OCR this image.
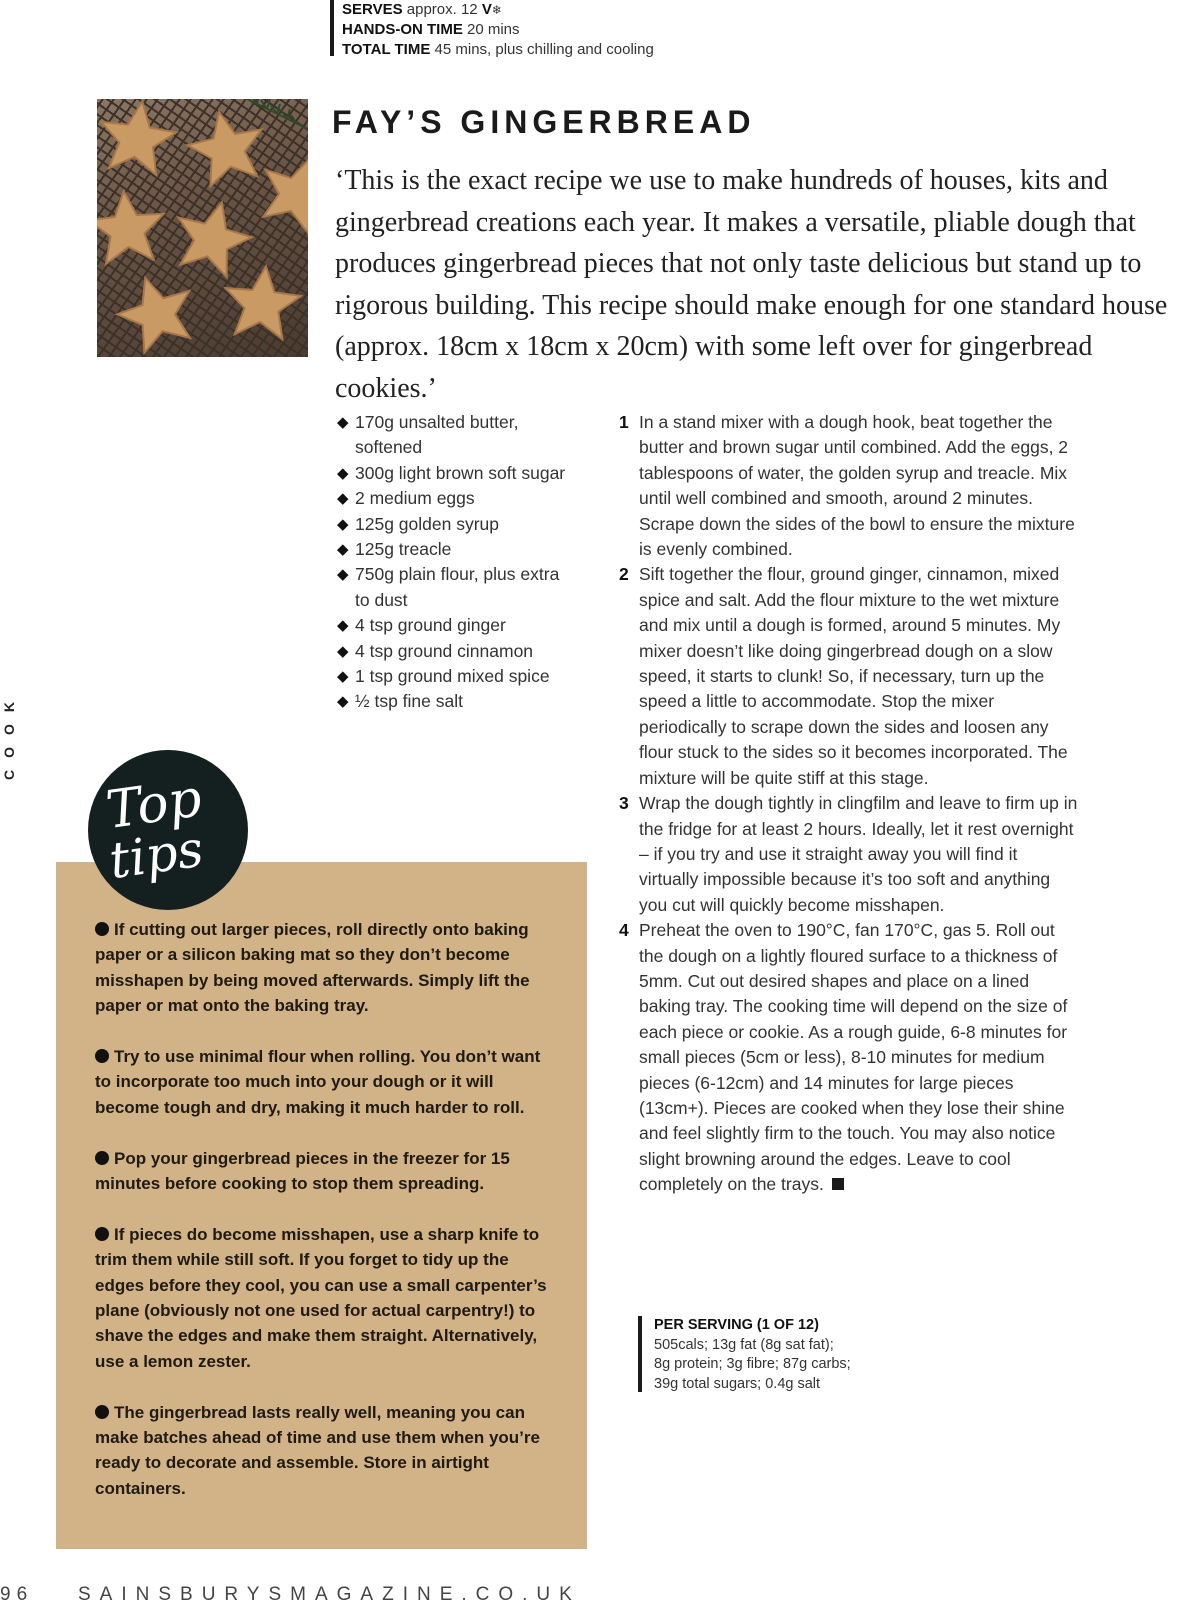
SERVES approx. 12 V❄
HANDS-ON TIME 20 mins
TOTAL TIME 45 mins, plus chilling and cooling
FAY’S GINGERBREAD

‘This is the exact recipe we use to make hundreds of houses, kits and gingerbread creations each year. It makes a versatile, pliable dough that produces gingerbread pieces that not only taste delicious but stand up to rigorous building. This recipe should make enough for one standard house (approx. 18cm x 18cm x 20cm) with some left over for gingerbread cookies.’

◆ 170g unsalted butter, softened
◆ 300g light brown soft sugar
◆ 2 medium eggs
◆ 125g golden syrup
◆ 125g treacle
◆ 750g plain flour, plus extra to dust
◆ 4 tsp ground ginger
◆ 4 tsp ground cinnamon
◆ 1 tsp ground mixed spice
◆ ½ tsp fine salt
1 In a stand mixer with a dough hook, beat together the butter and brown sugar until combined. Add the eggs, 2 tablespoons of water, the golden syrup and treacle. Mix until well combined and smooth, around 2 minutes. Scrape down the sides of the bowl to ensure the mixture is evenly combined.
2 Sift together the flour, ground ginger, cinnamon, mixed spice and salt. Add the flour mixture to the wet mixture and mix until a dough is formed, around 5 minutes. My mixer doesn’t like doing gingerbread dough on a slow speed, it starts to clunk! So, if necessary, turn up the speed a little to accommodate. Stop the mixer periodically to scrape down the sides and loosen any flour stuck to the sides so it becomes incorporated. The mixture will be quite stiff at this stage.
3 Wrap the dough tightly in clingfilm and leave to firm up in the fridge for at least 2 hours. Ideally, let it rest overnight – if you try and use it straight away you will find it virtually impossible because it’s too soft and anything you cut will quickly become misshapen.
4 Preheat the oven to 190°C, fan 170°C, gas 5. Roll out the dough on a lightly floured surface to a thickness of 5mm. Cut out desired shapes and place on a lined baking tray. The cooking time will depend on the size of each piece or cookie. As a rough guide, 6-8 minutes for small pieces (5cm or less), 8-10 minutes for medium pieces (6-12cm) and 14 minutes for large pieces (13cm+). Pieces are cooked when they lose their shine and feel slightly firm to the touch. You may also notice slight browning around the edges. Leave to cool completely on the trays.
PER SERVING (1 OF 12)
505cals; 13g fat (8g sat fat);
8g protein; 3g fibre; 87g carbs;
39g total sugars; 0.4g salt
Top
tips
If cutting out larger pieces, roll directly onto baking paper or a silicon baking mat so they don’t become misshapen by being moved afterwards. Simply lift the paper or mat onto the baking tray.
Try to use minimal flour when rolling. You don’t want to incorporate too much into your dough or it will become tough and dry, making it much harder to roll.
Pop your gingerbread pieces in the freezer for 15 minutes before cooking to stop them spreading.
If pieces do become misshapen, use a sharp knife to trim them while still soft. If you forget to tidy up the edges before they cool, you can use a small carpenter’s plane (obviously not one used for actual carpentry!) to shave the edges and make them straight. Alternatively, use a lemon zester.
The gingerbread lasts really well, meaning you can make batches ahead of time and use them when you’re ready to decorate and assemble. Store in airtight containers.
COOK
96 SAINSBURYSMAGAZINE.CO.UK
